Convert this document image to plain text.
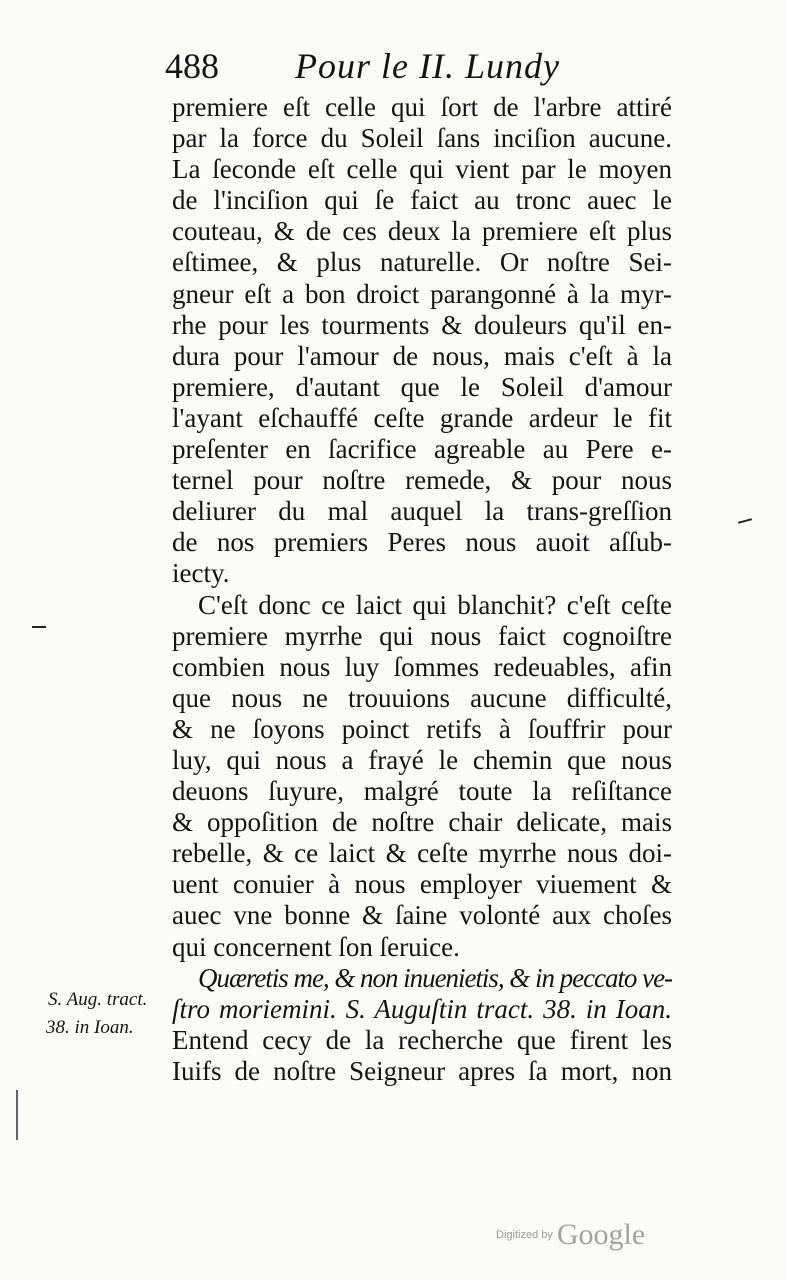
488 Pour le II. Lundy
premiere eſt celle qui ſort de l'arbre attiré
par la force du Soleil ſans inciſion aucune.
La ſeconde eſt celle qui vient par le moyen
de l'inciſion qui ſe faict au tronc auec le
couteau, & de ces deux la premiere eſt plus
eſtimee, & plus naturelle. Or noſtre Sei-
gneur eſt a bon droict parangonné à la myr-
rhe pour les tourments & douleurs qu'il en-
dura pour l'amour de nous, mais c'eſt à la
premiere, d'autant que le Soleil d'amour
l'ayant eſchauffé ceſte grande ardeur le fit
preſenter en ſacrifice agreable au Pere e-
ternel pour noſtre remede, & pour nous
deliurer du mal auquel la trans-greſſion
de nos premiers Peres nous auoit aſſub-
iecty.
C'eſt donc ce laict qui blanchit? c'eſt ceſte
premiere myrrhe qui nous faict cognoiſtre
combien nous luy ſommes redeuables, afin
que nous ne trouuions aucune difficulté,
& ne ſoyons poinct retifs à ſouffrir pour
luy, qui nous a frayé le chemin que nous
deuons ſuyure, malgré toute la reſiſtance
& oppoſition de noſtre chair delicate, mais
rebelle, & ce laict & ceſte myrrhe nous doi-
uent conuier à nous employer viuement &
auec vne bonne & ſaine volonté aux choſes
qui concernent ſon ſeruice.
Quæretis me, & non inuenietis, & in peccato ve-
ſtro moriemini. S. Auguſtin tract. 38. in Ioan.
Entend cecy de la recherche que firent les
Iuifs de noſtre Seigneur apres ſa mort, non
S. Aug. tract.
38. in Ioan.
Digitized by Google
